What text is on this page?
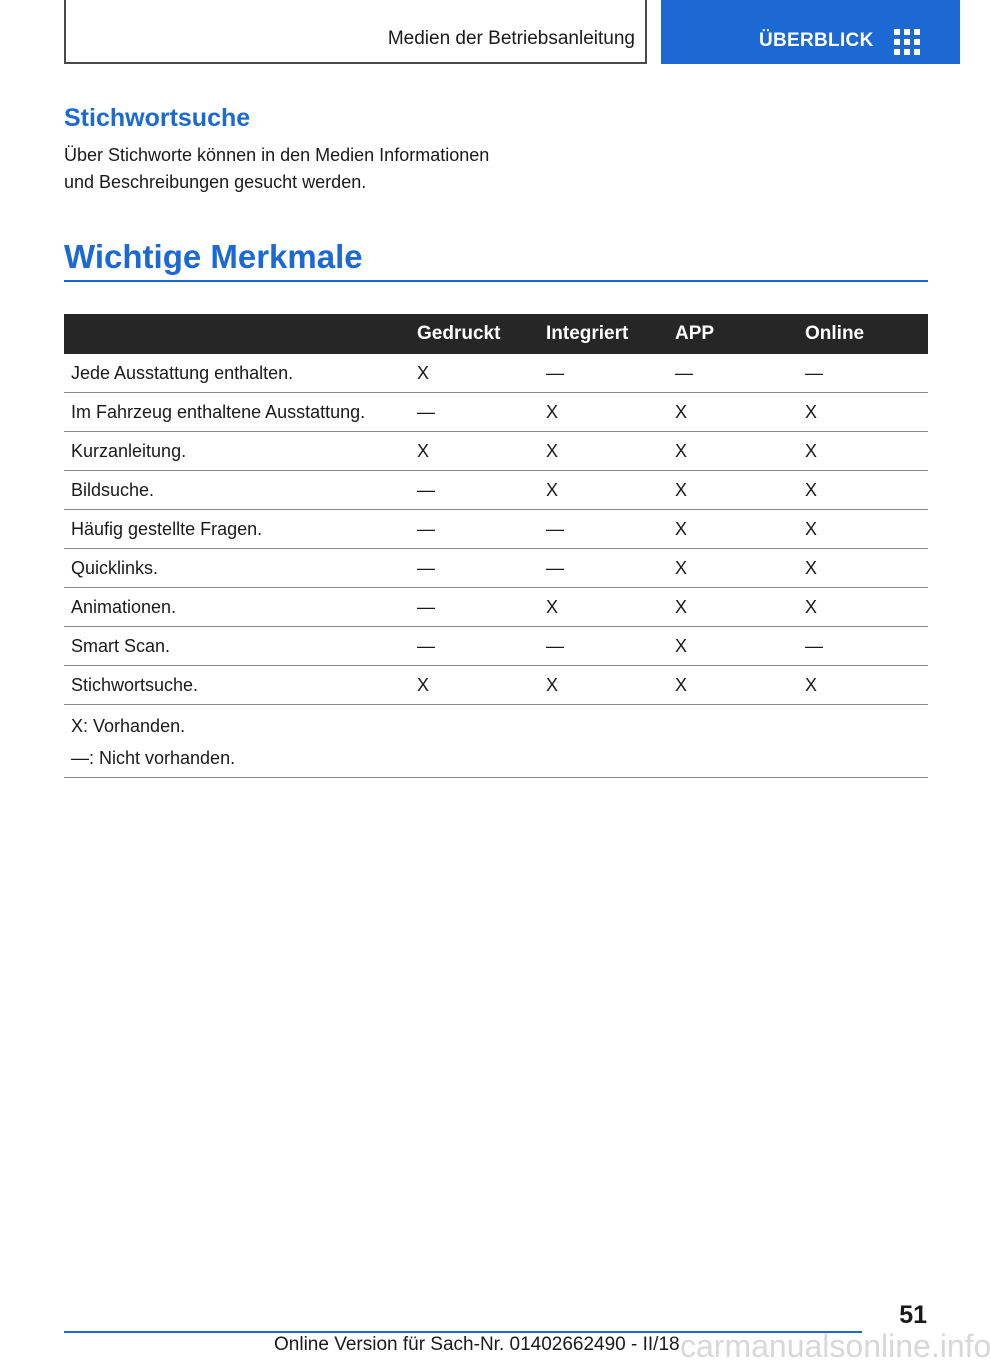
Medien der Betriebsanleitung	ÜBERBLICK
Stichwortsuche

Über Stichworte können in den Medien Informationen und Beschreibungen gesucht werden.

Wichtige Merkmale
	Gedruckt	Integriert	APP	Online
Jede Ausstattung enthalten.	X	—	—	—
Im Fahrzeug enthaltene Ausstattung.	—	X	X	X
Kurzanleitung.	X	X	X	X
Bildsuche.	—	X	X	X
Häufig gestellte Fragen.	—	—	X	X
Quicklinks.	—	—	X	X
Animationen.	—	X	X	X
Smart Scan.	—	—	X	—
Stichwortsuche.	X	X	X	X

X: Vorhanden.
—: Nicht vorhanden.				
51
carmanualsonline.info
Online Version für Sach-Nr. 01402662490 - II/18
